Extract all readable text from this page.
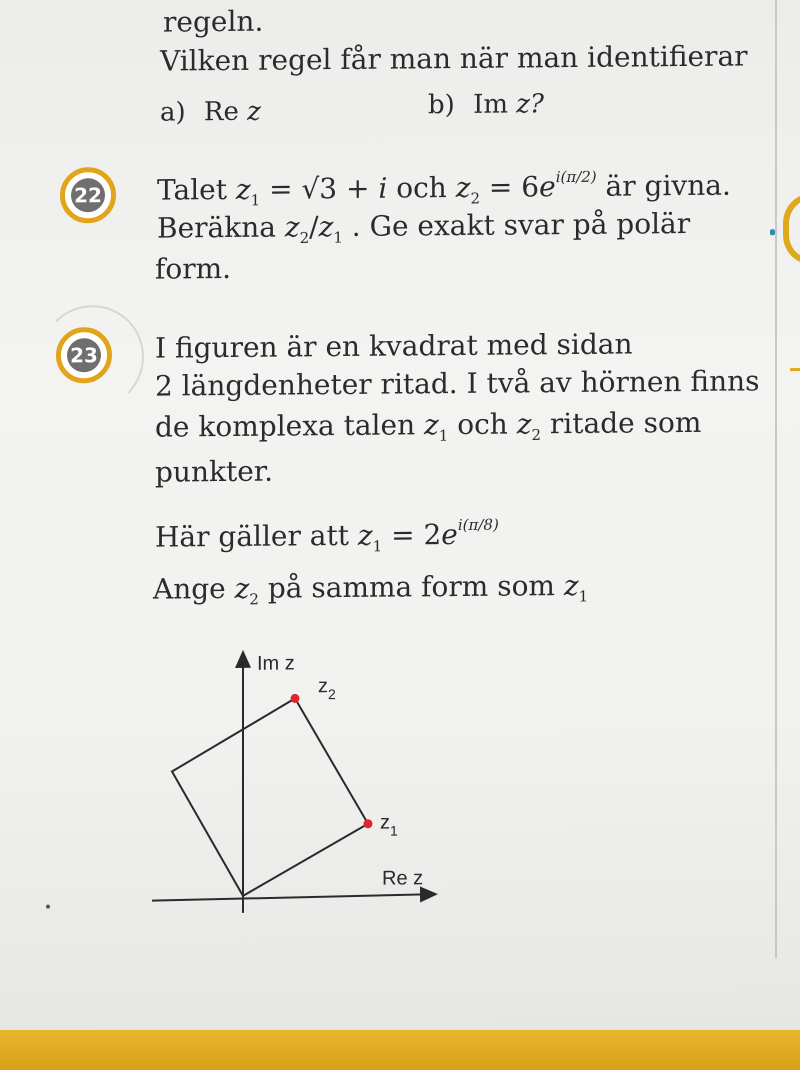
regeln.
Vilken regel får man när man identifierar
a) Re z	b) Im z?
22 Talet $z_1 = √3 + i$ och $z_2 = 6e^{i(\pi/2)}$ är givna.
Beräkna $z_2/z_1$ . Ge exakt svar på polär
form.
23 I figuren är en kvadrat med sidan
2 längdenheter ritad. I två av hörnen finns
de komplexa talen $z_1$ och $z_2$ ritade som
punkter.
Här gäller att $z_1 = 2e^{i(\pi/8)}$
Ange $z_2$ på samma form som $z_1$
Im z
Re z
$z_1$
$z_2$
